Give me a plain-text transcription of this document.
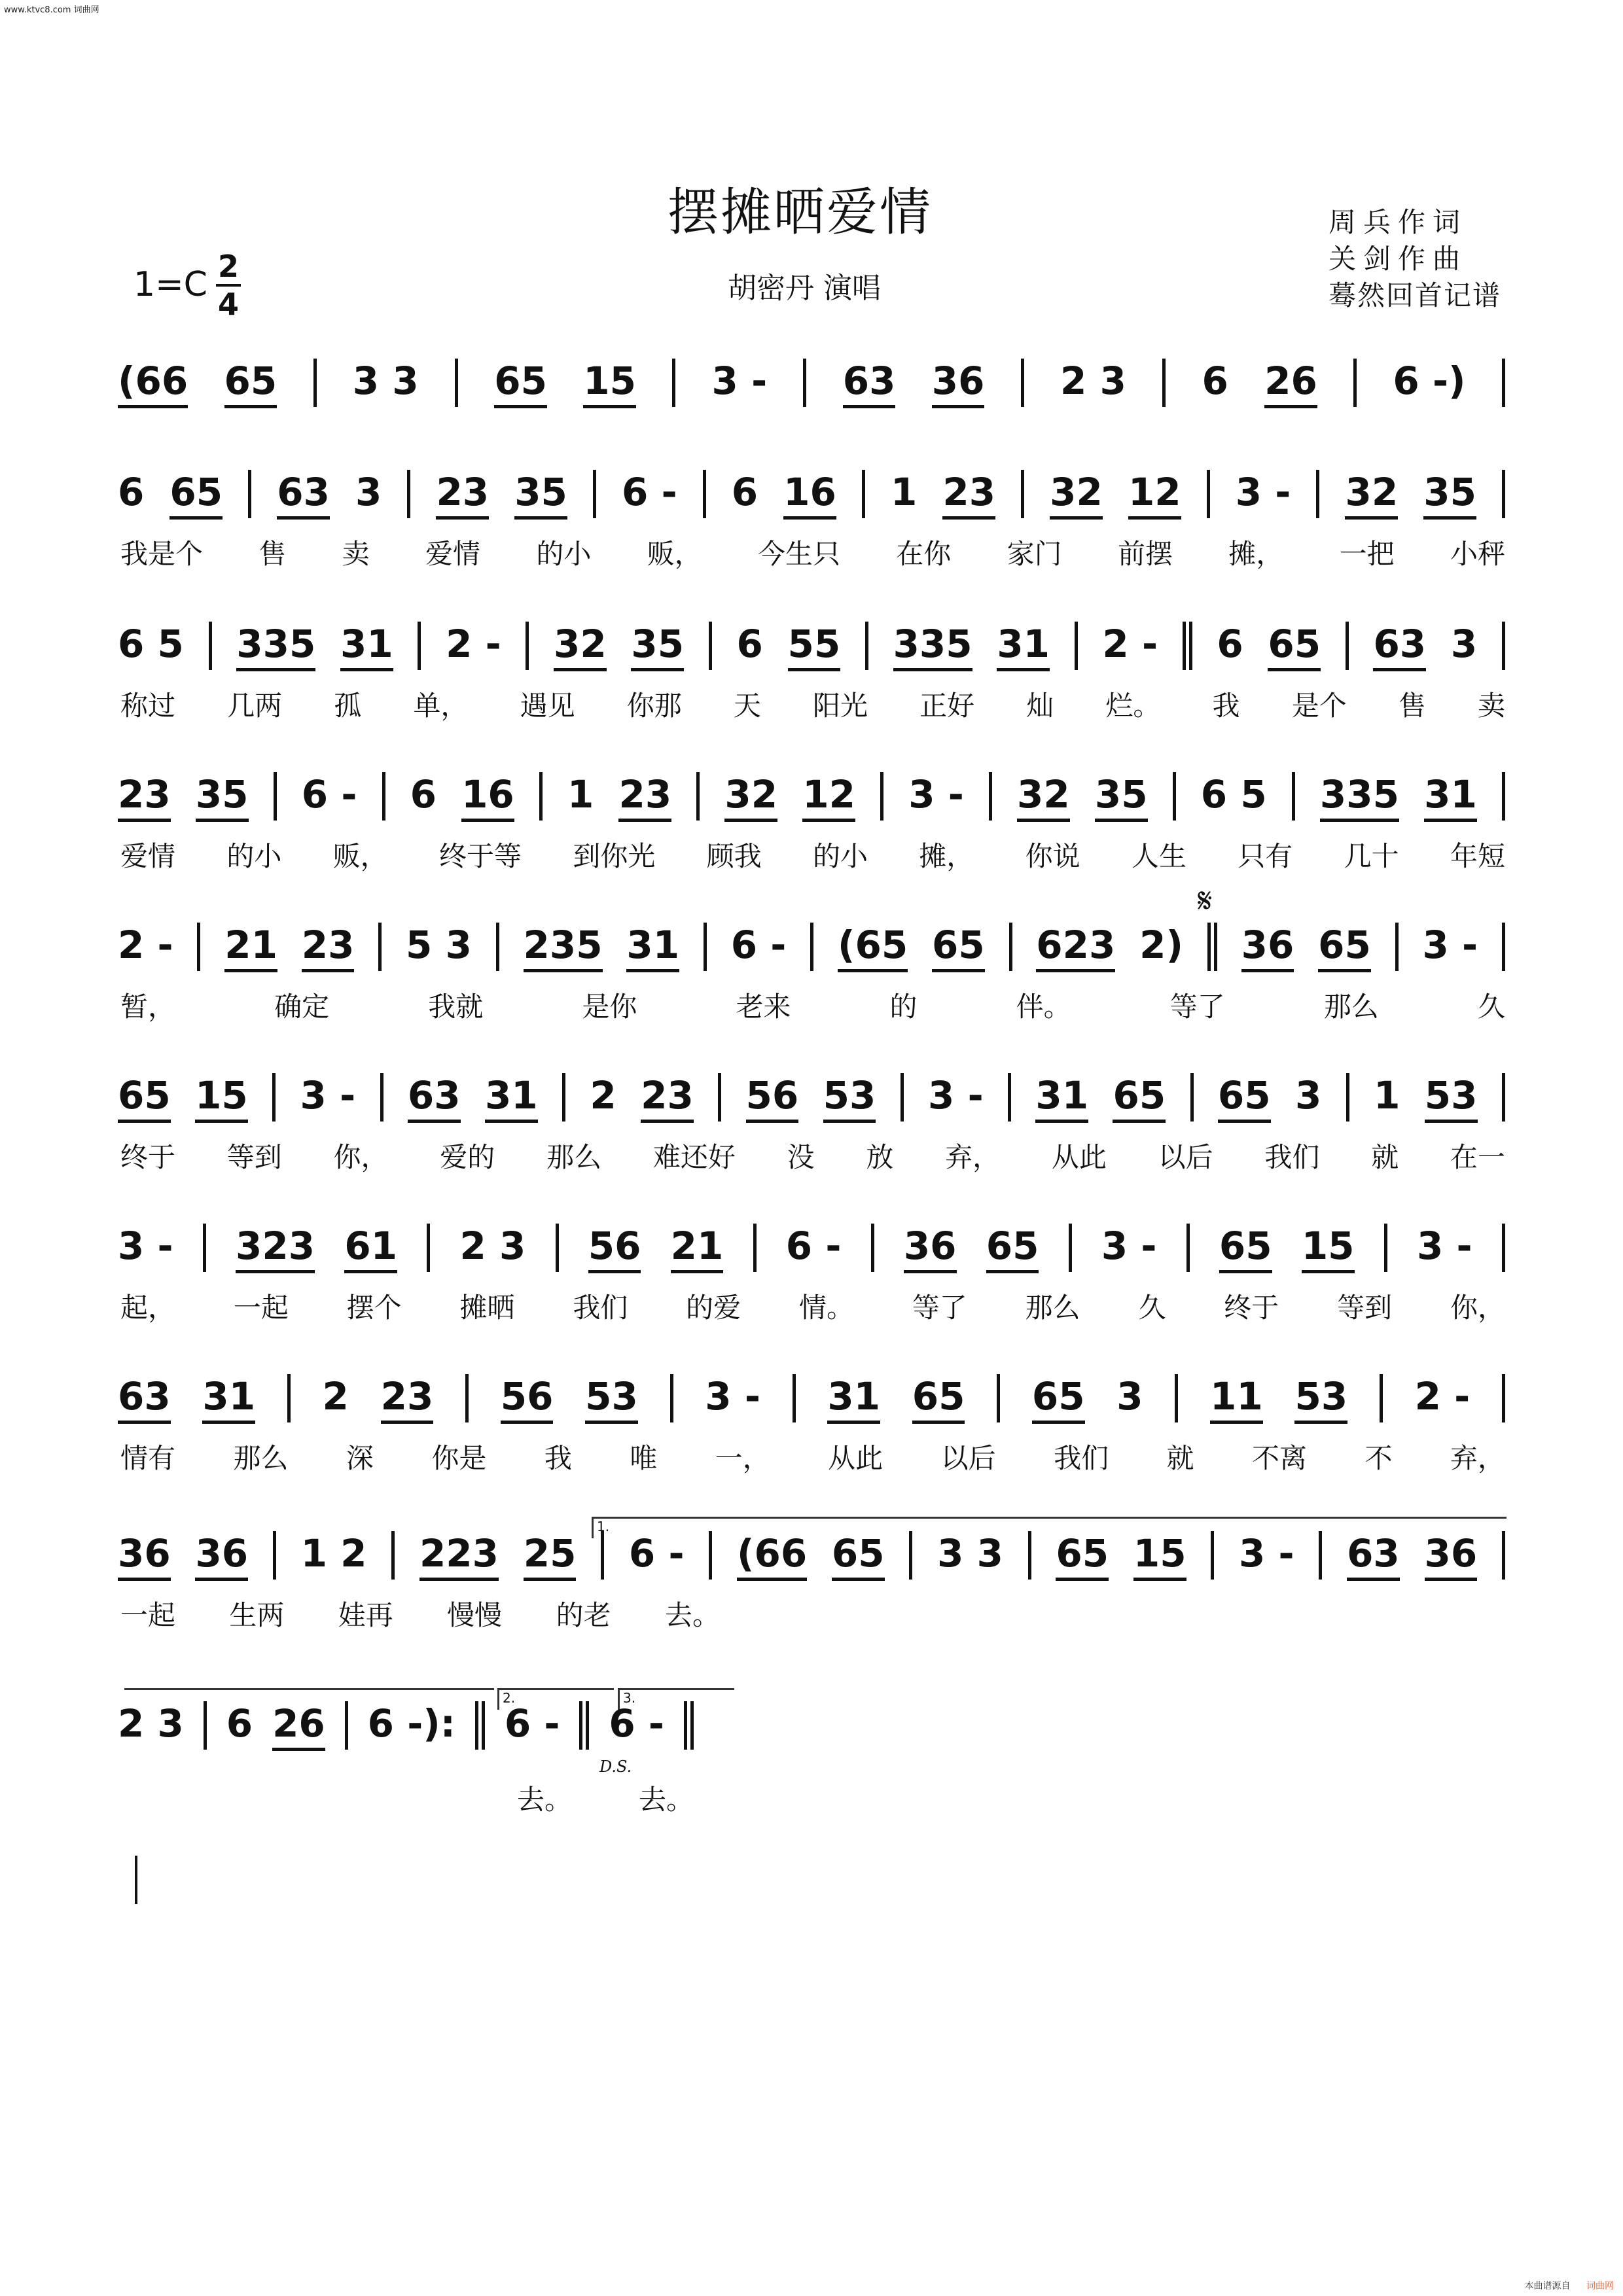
www.ktvc8.com 词曲网
摆摊晒爱情	周兵作词
关剑作曲
蓦然回首记谱
胡密丹 演唱
1=C 2
4
(66 65 3 3 65 15 3 - 63 36 2 3 6 26 6 -)
6 65 63 3 23 35 6 - 6 16 1 23 32 12 3 - 32 35
我是个 售 卖 爱情 的小 贩， 今生只 在你 家门 前摆 摊， 一把 小秤
6 5 335 31 2 - 32 35 6 55 335 31 2 - 6 65 63 3
称过 几两 孤 单， 遇见 你那 天 阳光 正好 灿 烂。 我 是个 售 卖
23 35 6 - 6 16 1 23 32 12 3 - 32 35 6 5 335 31
爱情 的小 贩， 终于等 到你光 顾我 的小 摊， 你说 人生 只有 几十 年短
2 - 21 23 5 3 235 31 6 - (65 65 623 2) 36 65 3 -
暂，	确定	我就	是你	老来	的	伴。	等了	那么	久
65 15 3 - 63 31 2 23 56 53 3 - 31 65 65 3 1 53
终于 等到 你， 爱的 那么 难还好 没 放 弃， 从此 以后 我们 就 在一
3 - 323 61 2 3 56 21 6 - 36 65 3 - 65 15 3 -
起， 一起 摆个 摊晒 我们 的爱 情。 等了 那么 久 终于 等到 你，
63 31 2 23 56 53 3 - 31 65 65 3 11 53 2 -
情有 那么 深 你是 我 唯 一， 从此 以后 我们 就 不离 不 弃，
36 36 1 2 223 25 6 - (66 65 3 3 65 15 3 - 63 36
一起 生两 娃再 慢慢 的老 去。
2 3 6 26 6 -): 6 - 6 -
𝄋
1.
2.	3.
D.S.
去。 去。
本曲谱源自 词曲网
